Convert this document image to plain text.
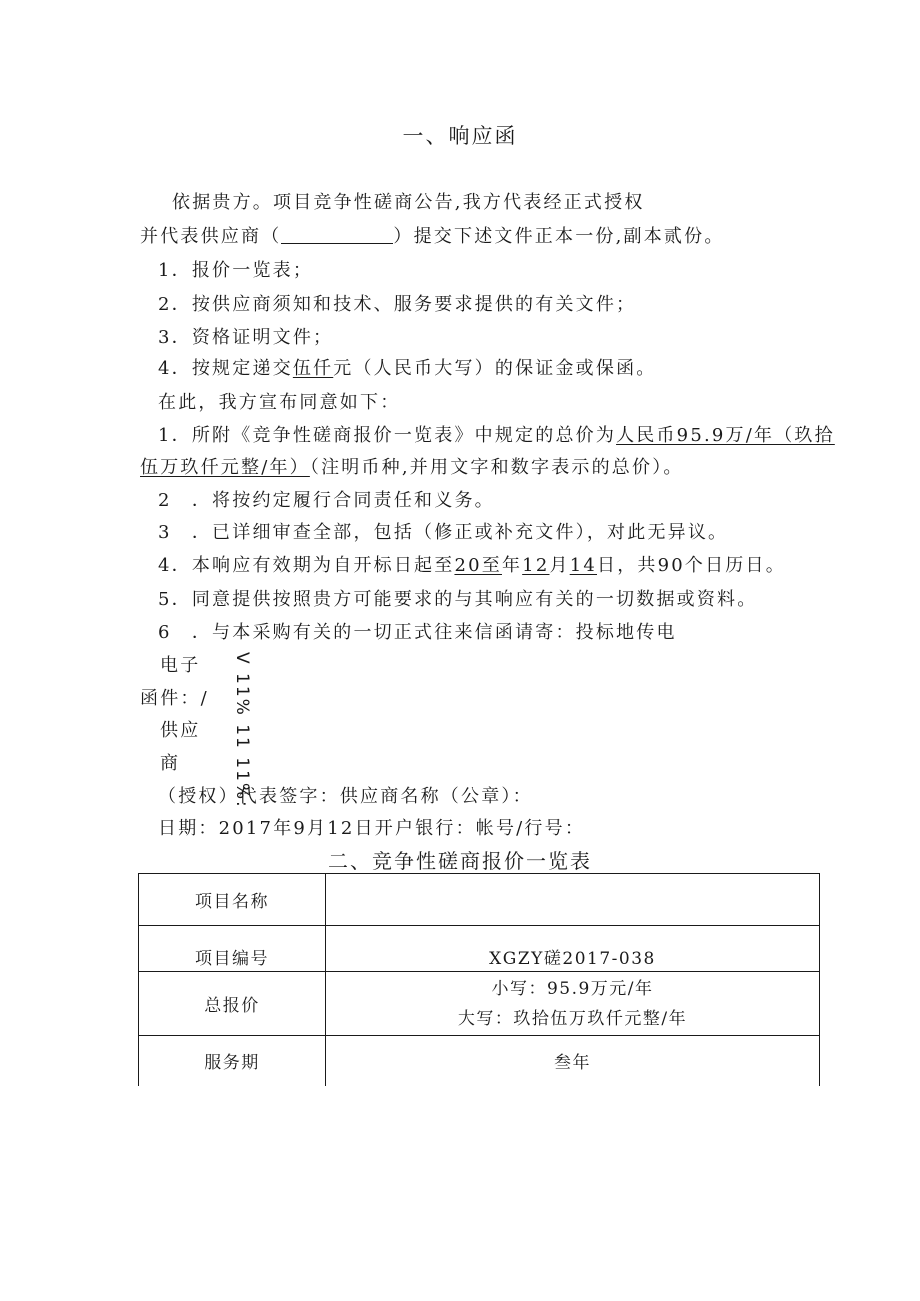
一、响应函
依据贵方。项目竞争性磋商公告,我方代表经正式授权
并代表供应商（	）提交下述文件正本一份,副本贰份。
1．报价一览表；
2．按供应商须知和技术、服务要求提供的有关文件；
3．资格证明文件；
4．按规定递交伍仟元（人民币大写）的保证金或保函。
在此，我方宣布同意如下：
1．所附《竞争性磋商报价一览表》中规定的总价为人民币95.9万/年（玖拾
伍万玖仟元整/年）（注明币种,并用文字和数字表示的总价）。
2　．将按约定履行合同责任和义务。
3　．已详细审查全部，包括（修正或补充文件），对此无异议。
4．本响应有效期为自开标日起至20至年12月14日，共90个日历日。
5．同意提供按照贵方可能要求的与其响应有关的一切数据或资料。
6　．与本采购有关的一切正式往来信函请寄：投标地传电
电子
函件：/
供应
商	V 11% 11 11%:
（授权）代表签字：供应商名称（公章）：
日期：2017年9月12日开户银行：帐号/行号：
二、竞争性磋商报价一览表
项目名称	
项目编号	XGZY磋2017-038
总报价	小写：95.9万元/年
大写：玖拾伍万玖仟元整/年

服务期	叁年
